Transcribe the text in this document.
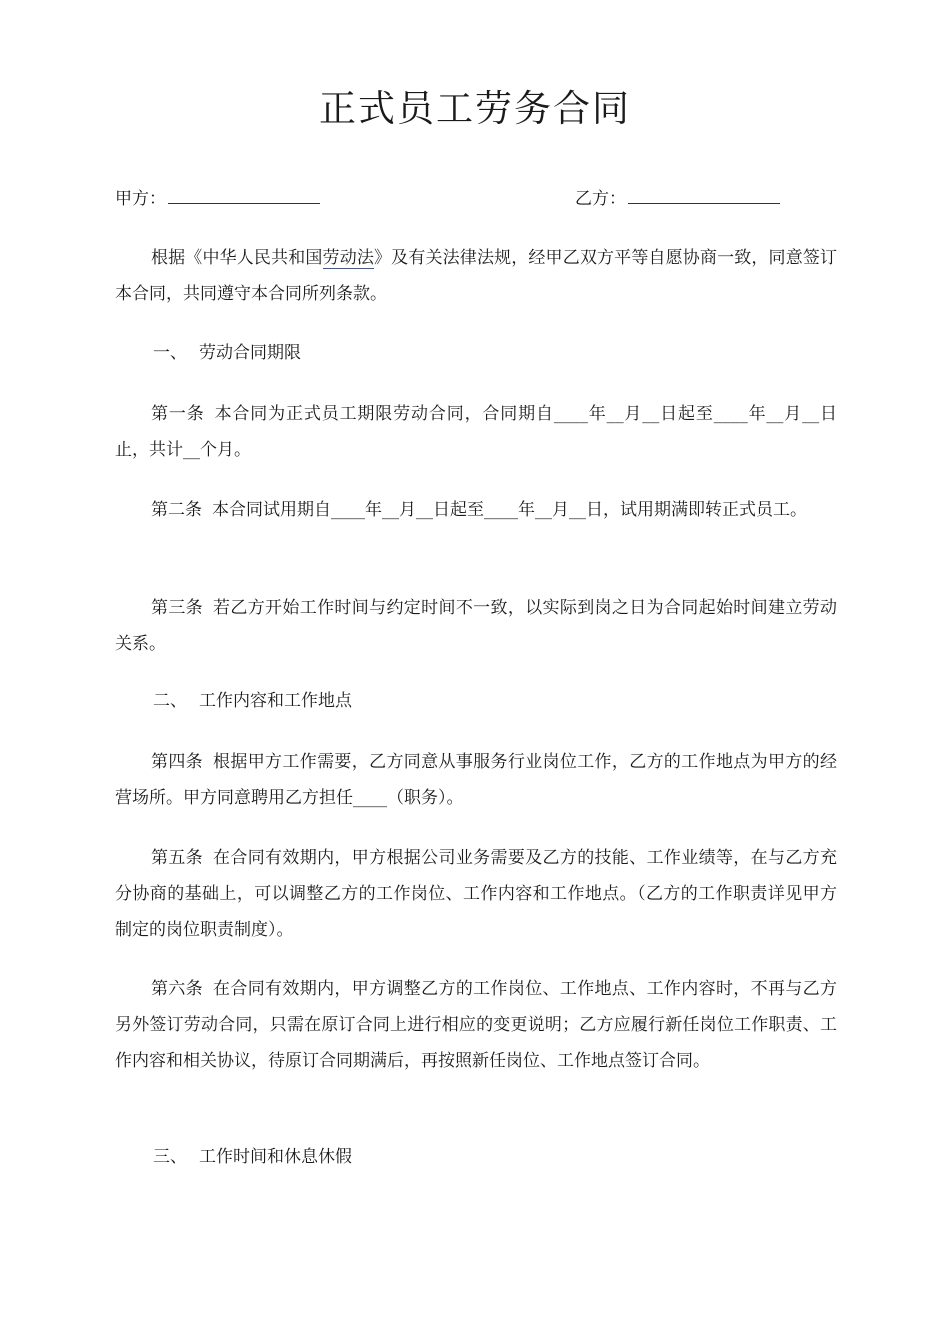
正式员工劳务合同
甲方：	乙方：

根据《中华人民共和国劳动法》及有关法律法规，经甲乙双方平等自愿协商一致，同意签订本合同，共同遵守本合同所列条款。

一、 劳动合同期限

第一条 本合同为正式员工期限劳动合同，合同期自____年__月__日起至____年__月__日止，共计__个月。

第二条 本合同试用期自____年__月__日起至____年__月__日，试用期满即转正式员工。

第三条 若乙方开始工作时间与约定时间不一致，以实际到岗之日为合同起始时间建立劳动关系。

二、 工作内容和工作地点

第四条 根据甲方工作需要，乙方同意从事服务行业岗位工作，乙方的工作地点为甲方的经营场所。甲方同意聘用乙方担任____（职务）。

第五条 在合同有效期内，甲方根据公司业务需要及乙方的技能、工作业绩等，在与乙方充分协商的基础上，可以调整乙方的工作岗位、工作内容和工作地点。（乙方的工作职责详见甲方制定的岗位职责制度）。

第六条 在合同有效期内，甲方调整乙方的工作岗位、工作地点、工作内容时，不再与乙方另外签订劳动合同，只需在原订合同上进行相应的变更说明；乙方应履行新任岗位工作职责、工作内容和相关协议，待原订合同期满后，再按照新任岗位、工作地点签订合同。

三、 工作时间和休息休假
